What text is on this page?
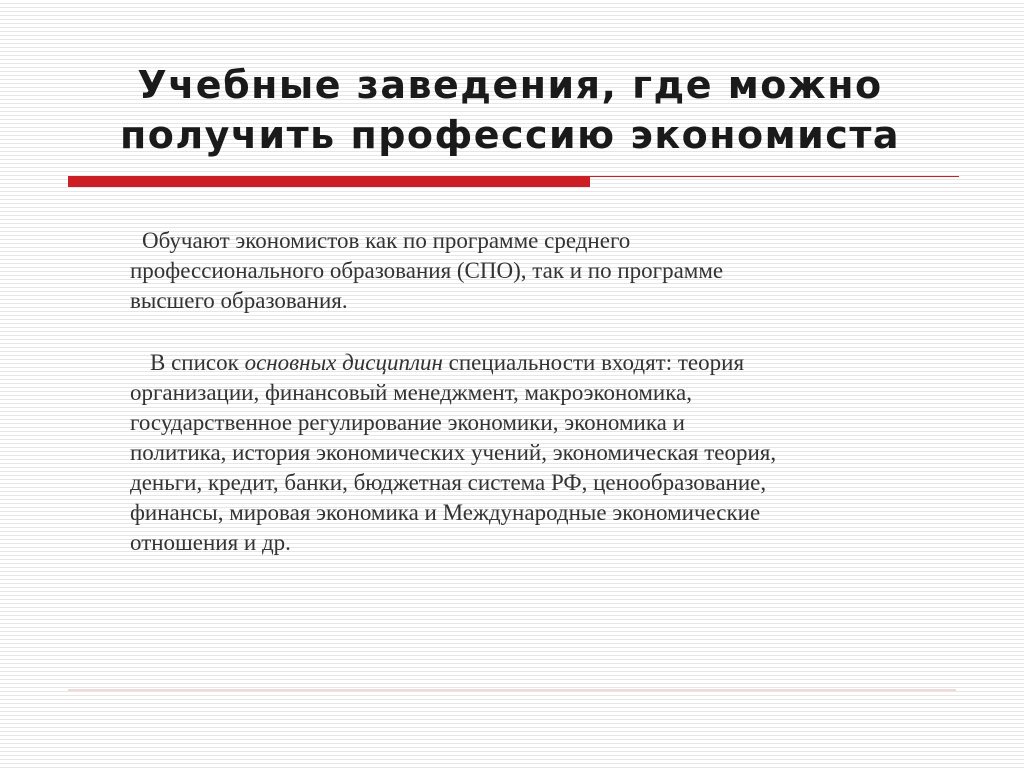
Учебные заведения, где можно
получить профессию экономиста

Обучают экономистов как по программе среднего
профессионального образования (СПО), так и по программе
высшего образования.

В список основных дисциплин специальности входят: теория
организации, финансовый менеджмент, макроэкономика,
государственное регулирование экономики, экономика и
политика, история экономических учений, экономическая теория,
деньги, кредит, банки, бюджетная система РФ, ценообразование,
финансы, мировая экономика и Международные экономические
отношения и др.
